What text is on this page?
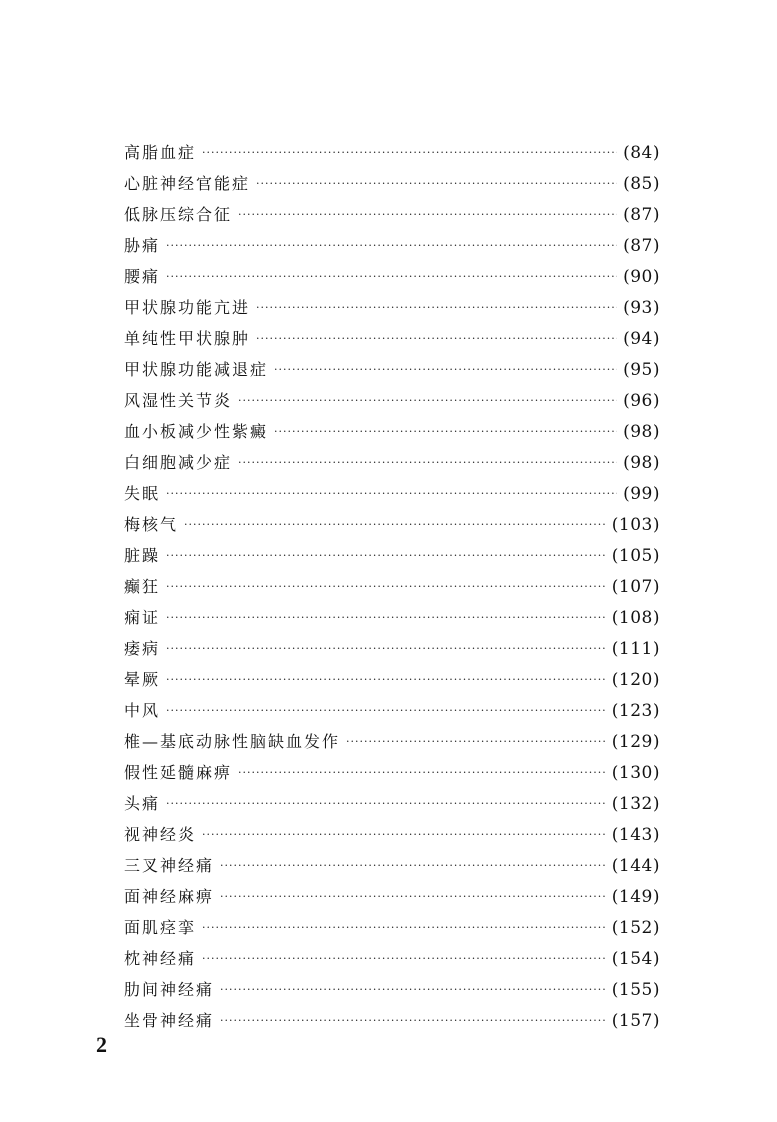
高脂血症 ·····	(84)
心脏神经官能症 ·····	(85)
低脉压综合征 ·····	(87)
胁痛 ·····	(87)
腰痛 ·····	(90)
甲状腺功能亢进 ·····	(93)
单纯性甲状腺肿 ·····	(94)
甲状腺功能减退症 ·····	(95)
风湿性关节炎 ·····	(96)
血小板减少性紫癜 ·····	(98)
白细胞减少症 ·····	(98)
失眠 ·····	(99)
梅核气 ·····	(103)
脏躁 ·····	(105)
癫狂 ·····	(107)
痫证 ·····	(108)
痿病 ·····	(111)
晕厥 ·····	(120)
中风 ·····	(123)
椎—基底动脉性脑缺血发作 ·····	(129)
假性延髓麻痹 ·····	(130)
头痛 ·····	(132)
视神经炎 ·····	(143)
三叉神经痛 ·····	(144)
面神经麻痹 ·····	(149)
面肌痉挛 ·····	(152)
枕神经痛 ·····	(154)
肋间神经痛 ·····	(155)
坐骨神经痛 ·····	(157)
2
